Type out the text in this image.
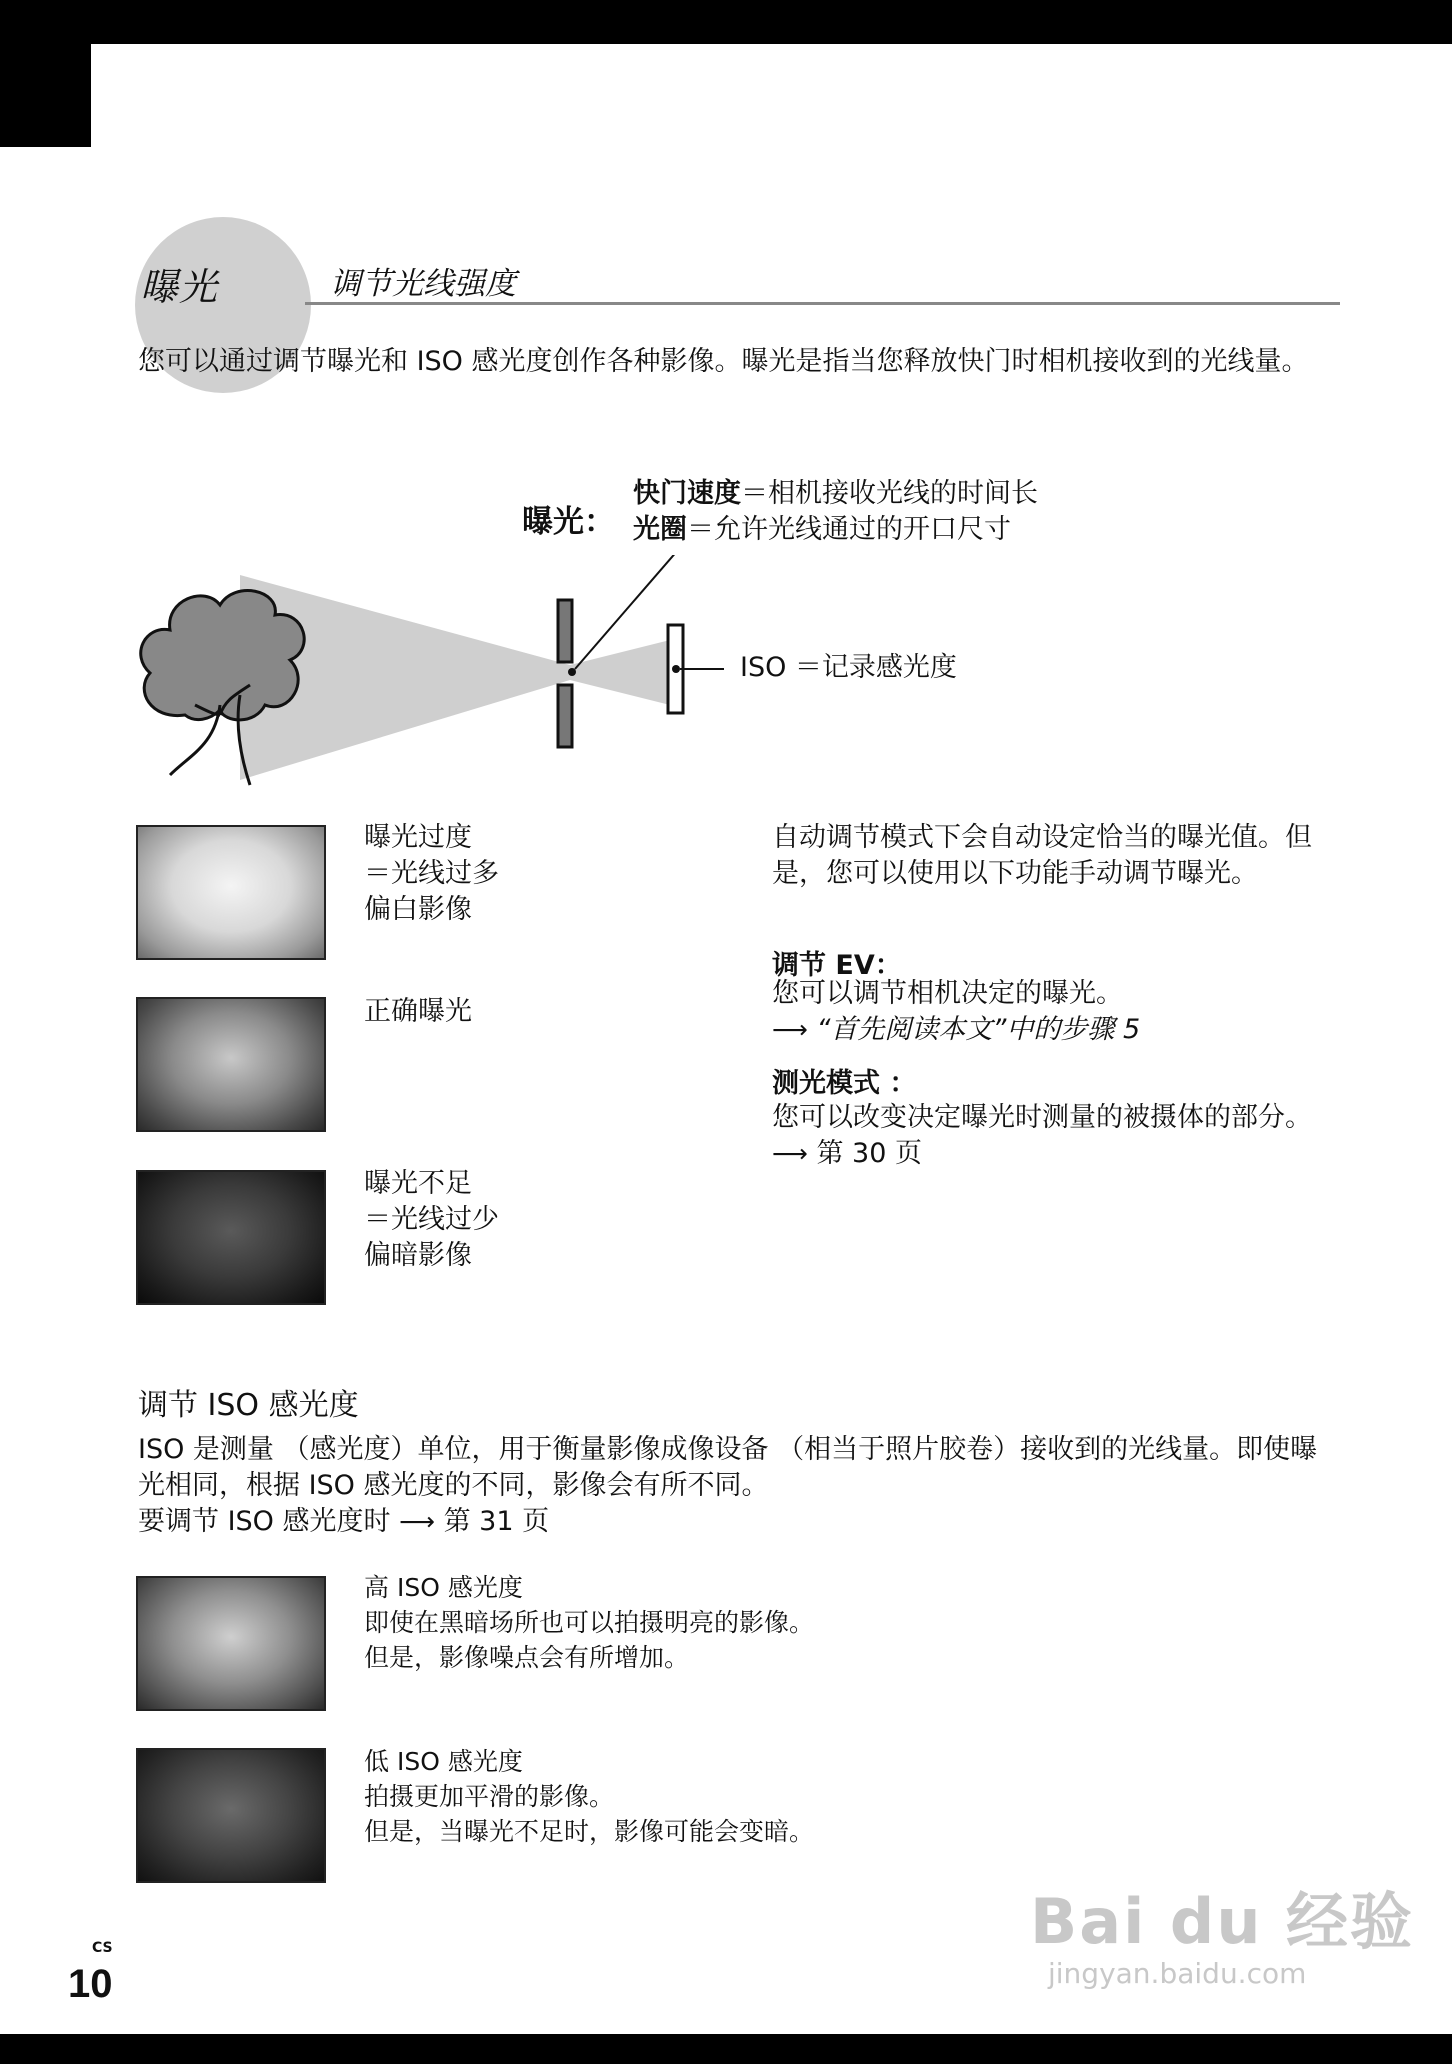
曝光	调节光线强度
您可以通过调节曝光和 ISO 感光度创作各种影像。曝光是指当您释放快门时相机接收到的光线量。
曝光：
快门速度＝相机接收光线的时间长
光圈＝允许光线通过的开口尺寸
ISO ＝记录感光度
曝光过度
＝光线过多
偏白影像
正确曝光
曝光不足
＝光线过少
偏暗影像
自动调节模式下会自动设定恰当的曝光值。但是，您可以使用以下功能手动调节曝光。
调节 EV：
您可以调节相机决定的曝光。
⟶ “首先阅读本文”中的步骤 5
测光模式 ：
您可以改变决定曝光时测量的被摄体的部分。 ⟶ 第 30 页
调节 ISO 感光度
ISO 是测量 （感光度）单位，用于衡量影像成像设备 （相当于照片胶卷）接收到的光线量。即使曝光相同，根据 ISO 感光度的不同，影像会有所不同。
要调节 ISO 感光度时 ⟶ 第 31 页
高 ISO 感光度
即使在黑暗场所也可以拍摄明亮的影像。
但是，影像噪点会有所增加。
低 ISO 感光度
拍摄更加平滑的影像。
但是，当曝光不足时，影像可能会变暗。
CS
10
Bai du 经验
jingyan.baidu.com
